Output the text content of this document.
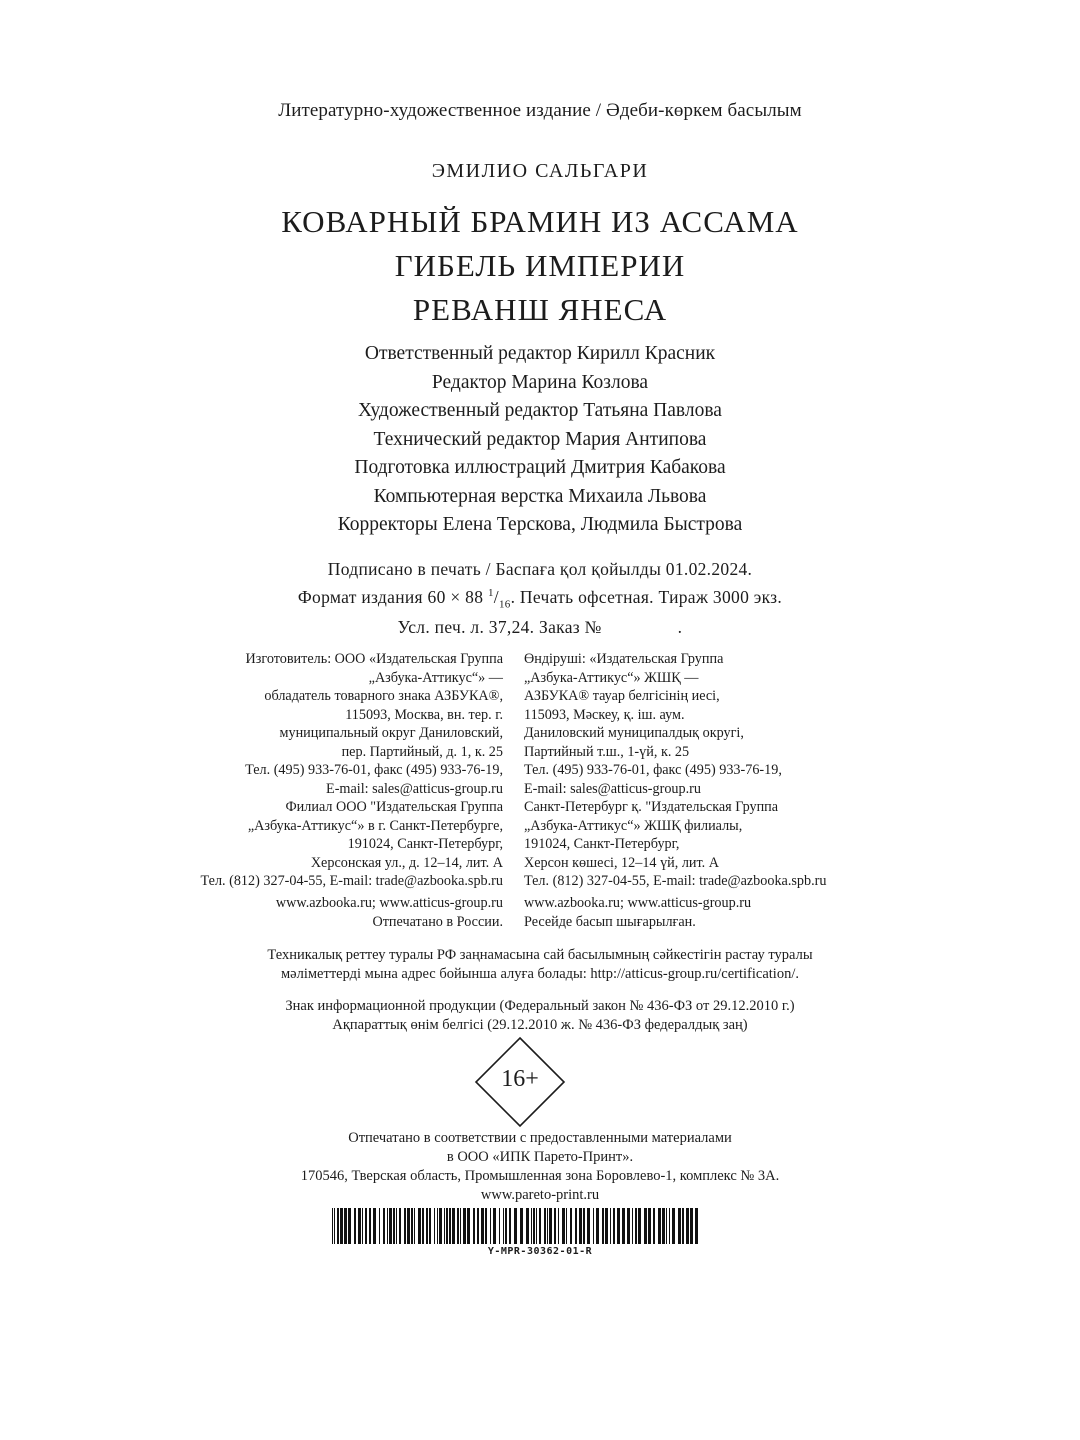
Литературно-художественное издание / Әдеби-көркем басылым
ЭМИЛИО САЛЬГАРИ
КОВАРНЫЙ БРАМИН ИЗ АССАМА
ГИБЕЛЬ ИМПЕРИИ
РЕВАНШ ЯНЕСА
Ответственный редактор Кирилл Красник
Редактор Марина Козлова
Художественный редактор Татьяна Павлова
Технический редактор Мария Антипова
Подготовка иллюстраций Дмитрия Кабакова
Компьютерная верстка Михаила Львова
Корректоры Елена Терскова, Людмила Быстрова
Подписано в печать / Баспаға қол қойылды 01.02.2024.
Формат издания 60 × 88 $^1/_{16}$. Печать офсетная. Тираж 3000 экз.
Усл. печ. л. 37,24. Заказ №	.
Изготовитель: ООО «Издательская Группа
„Азбука-Аттикус“» —
обладатель товарного знака АЗБУКА®,
115093, Москва, вн. тер. г.
муниципальный округ Даниловский,
пер. Партийный, д. 1, к. 25
Тел. (495) 933-76-01, факс (495) 933-76-19,
E-mail: sales@atticus-group.ru
Өндіруші: «Издательская Группа
„Азбука-Аттикус“» ЖШҚ —
АЗБУКА® тауар белгісінің иесі,
115093, Мәскеу, қ. іш. аум.
Даниловский муниципалдық округі,
Партийный т.ш., 1-үй, к. 25
Тел. (495) 933-76-01, факс (495) 933-76-19,
E-mail: sales@atticus-group.ru
Филиал ООО "Издательская Группа
„Азбука-Аттикус“» в г. Санкт-Петербурге,
191024, Санкт-Петербург,
Херсонская ул., д. 12–14, лит. А
Тел. (812) 327-04-55, E-mail: trade@azbooka.spb.ru
Санкт-Петербург қ. "Издательская Группа
„Азбука-Аттикус“» ЖШҚ филиалы,
191024, Санкт-Петербург,
Херсон көшесі, 12–14 үй, лит. А
Тел. (812) 327-04-55, E-mail: trade@azbooka.spb.ru
www.azbooka.ru; www.atticus-group.ru
Отпечатано в России.
www.azbooka.ru; www.atticus-group.ru
Ресейде басып шығарылған.
Техникалық реттеу туралы РФ заңнамасына сай басылымның сәйкестігін растау туралы
мәліметтерді мына адрес бойынша алуға болады: http://atticus-group.ru/certification/.
Знак информационной продукции (Федеральный закон № 436-ФЗ от 29.12.2010 г.)
Ақпараттық өнім белгісі (29.12.2010 ж. № 436-ФЗ федералдық заң)
16+
Отпечатано в соответствии с предоставленными материалами
в ООО «ИПК Парето-Принт».
170546, Тверская область, Промышленная зона Боровлево-1, комплекс № 3А.
www.pareto-print.ru
Y-MPR-30362-01-R
